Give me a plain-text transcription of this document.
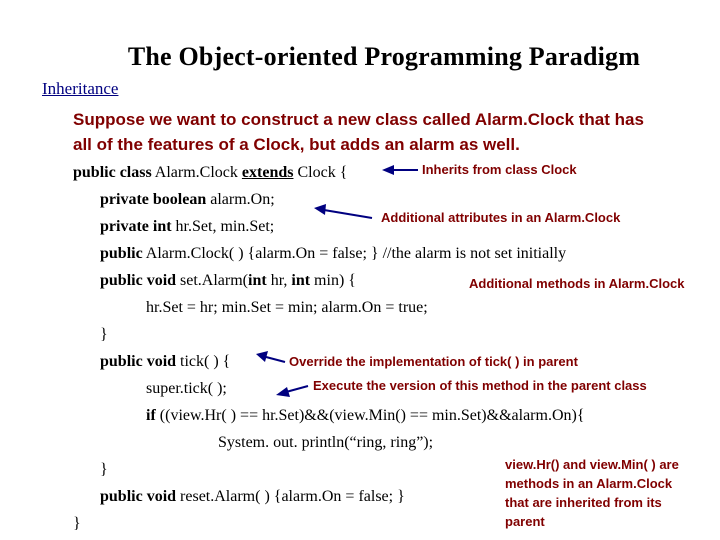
The Object-oriented Programming Paradigm
Inheritance
Suppose we want to construct a new class called Alarm.Clock that has
all of the features of a Clock, but adds an alarm as well.
public class Alarm.Clock extends Clock {
private boolean alarm.On;
private int hr.Set, min.Set;
public Alarm.Clock( ) {alarm.On = false; } //the alarm is not set initially
public void set.Alarm(int hr, int min) {
hr.Set = hr; min.Set = min; alarm.On = true;
}
public void tick( ) {
super.tick( );
if ((view.Hr( ) == hr.Set)&&(view.Min() == min.Set)&&alarm.On){
System. out. println(“ring, ring”);
}
public void reset.Alarm( ) {alarm.On = false; }
}
Inherits from class Clock
Additional attributes in an Alarm.Clock
Additional methods in Alarm.Clock
Override the implementation of tick( ) in parent
Execute the version of this method in the parent class
view.Hr() and view.Min( ) are methods in an Alarm.Clock that are inherited from its parent
